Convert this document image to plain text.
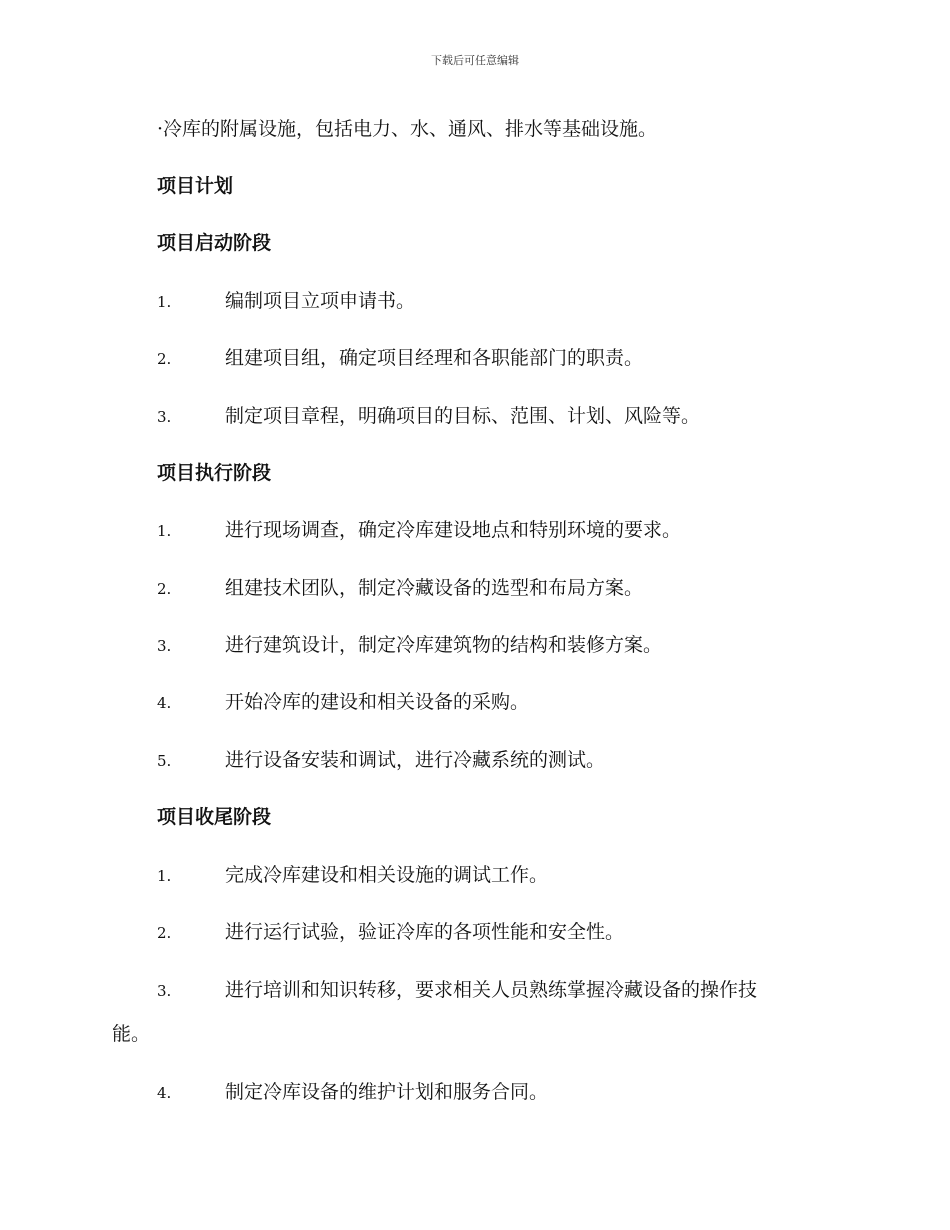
下载后可任意编辑
·冷库的附属设施，包括电力、水、通风、排水等基础设施。
项目计划
项目启动阶段
1.	编制项目立项申请书。
2.	组建项目组，确定项目经理和各职能部门的职责。
3.	制定项目章程，明确项目的目标、范围、计划、风险等。
项目执行阶段
1.	进行现场调查，确定冷库建设地点和特别环境的要求。
2.	组建技术团队，制定冷藏设备的选型和布局方案。
3.	进行建筑设计，制定冷库建筑物的结构和装修方案。
4.	开始冷库的建设和相关设备的采购。
5.	进行设备安装和调试，进行冷藏系统的测试。
项目收尾阶段
1.	完成冷库建设和相关设施的调试工作。
2.	进行运行试验，验证冷库的各项性能和安全性。
3.	进行培训和知识转移，要求相关人员熟练掌握冷藏设备的操作技
能。
4.	制定冷库设备的维护计划和服务合同。
